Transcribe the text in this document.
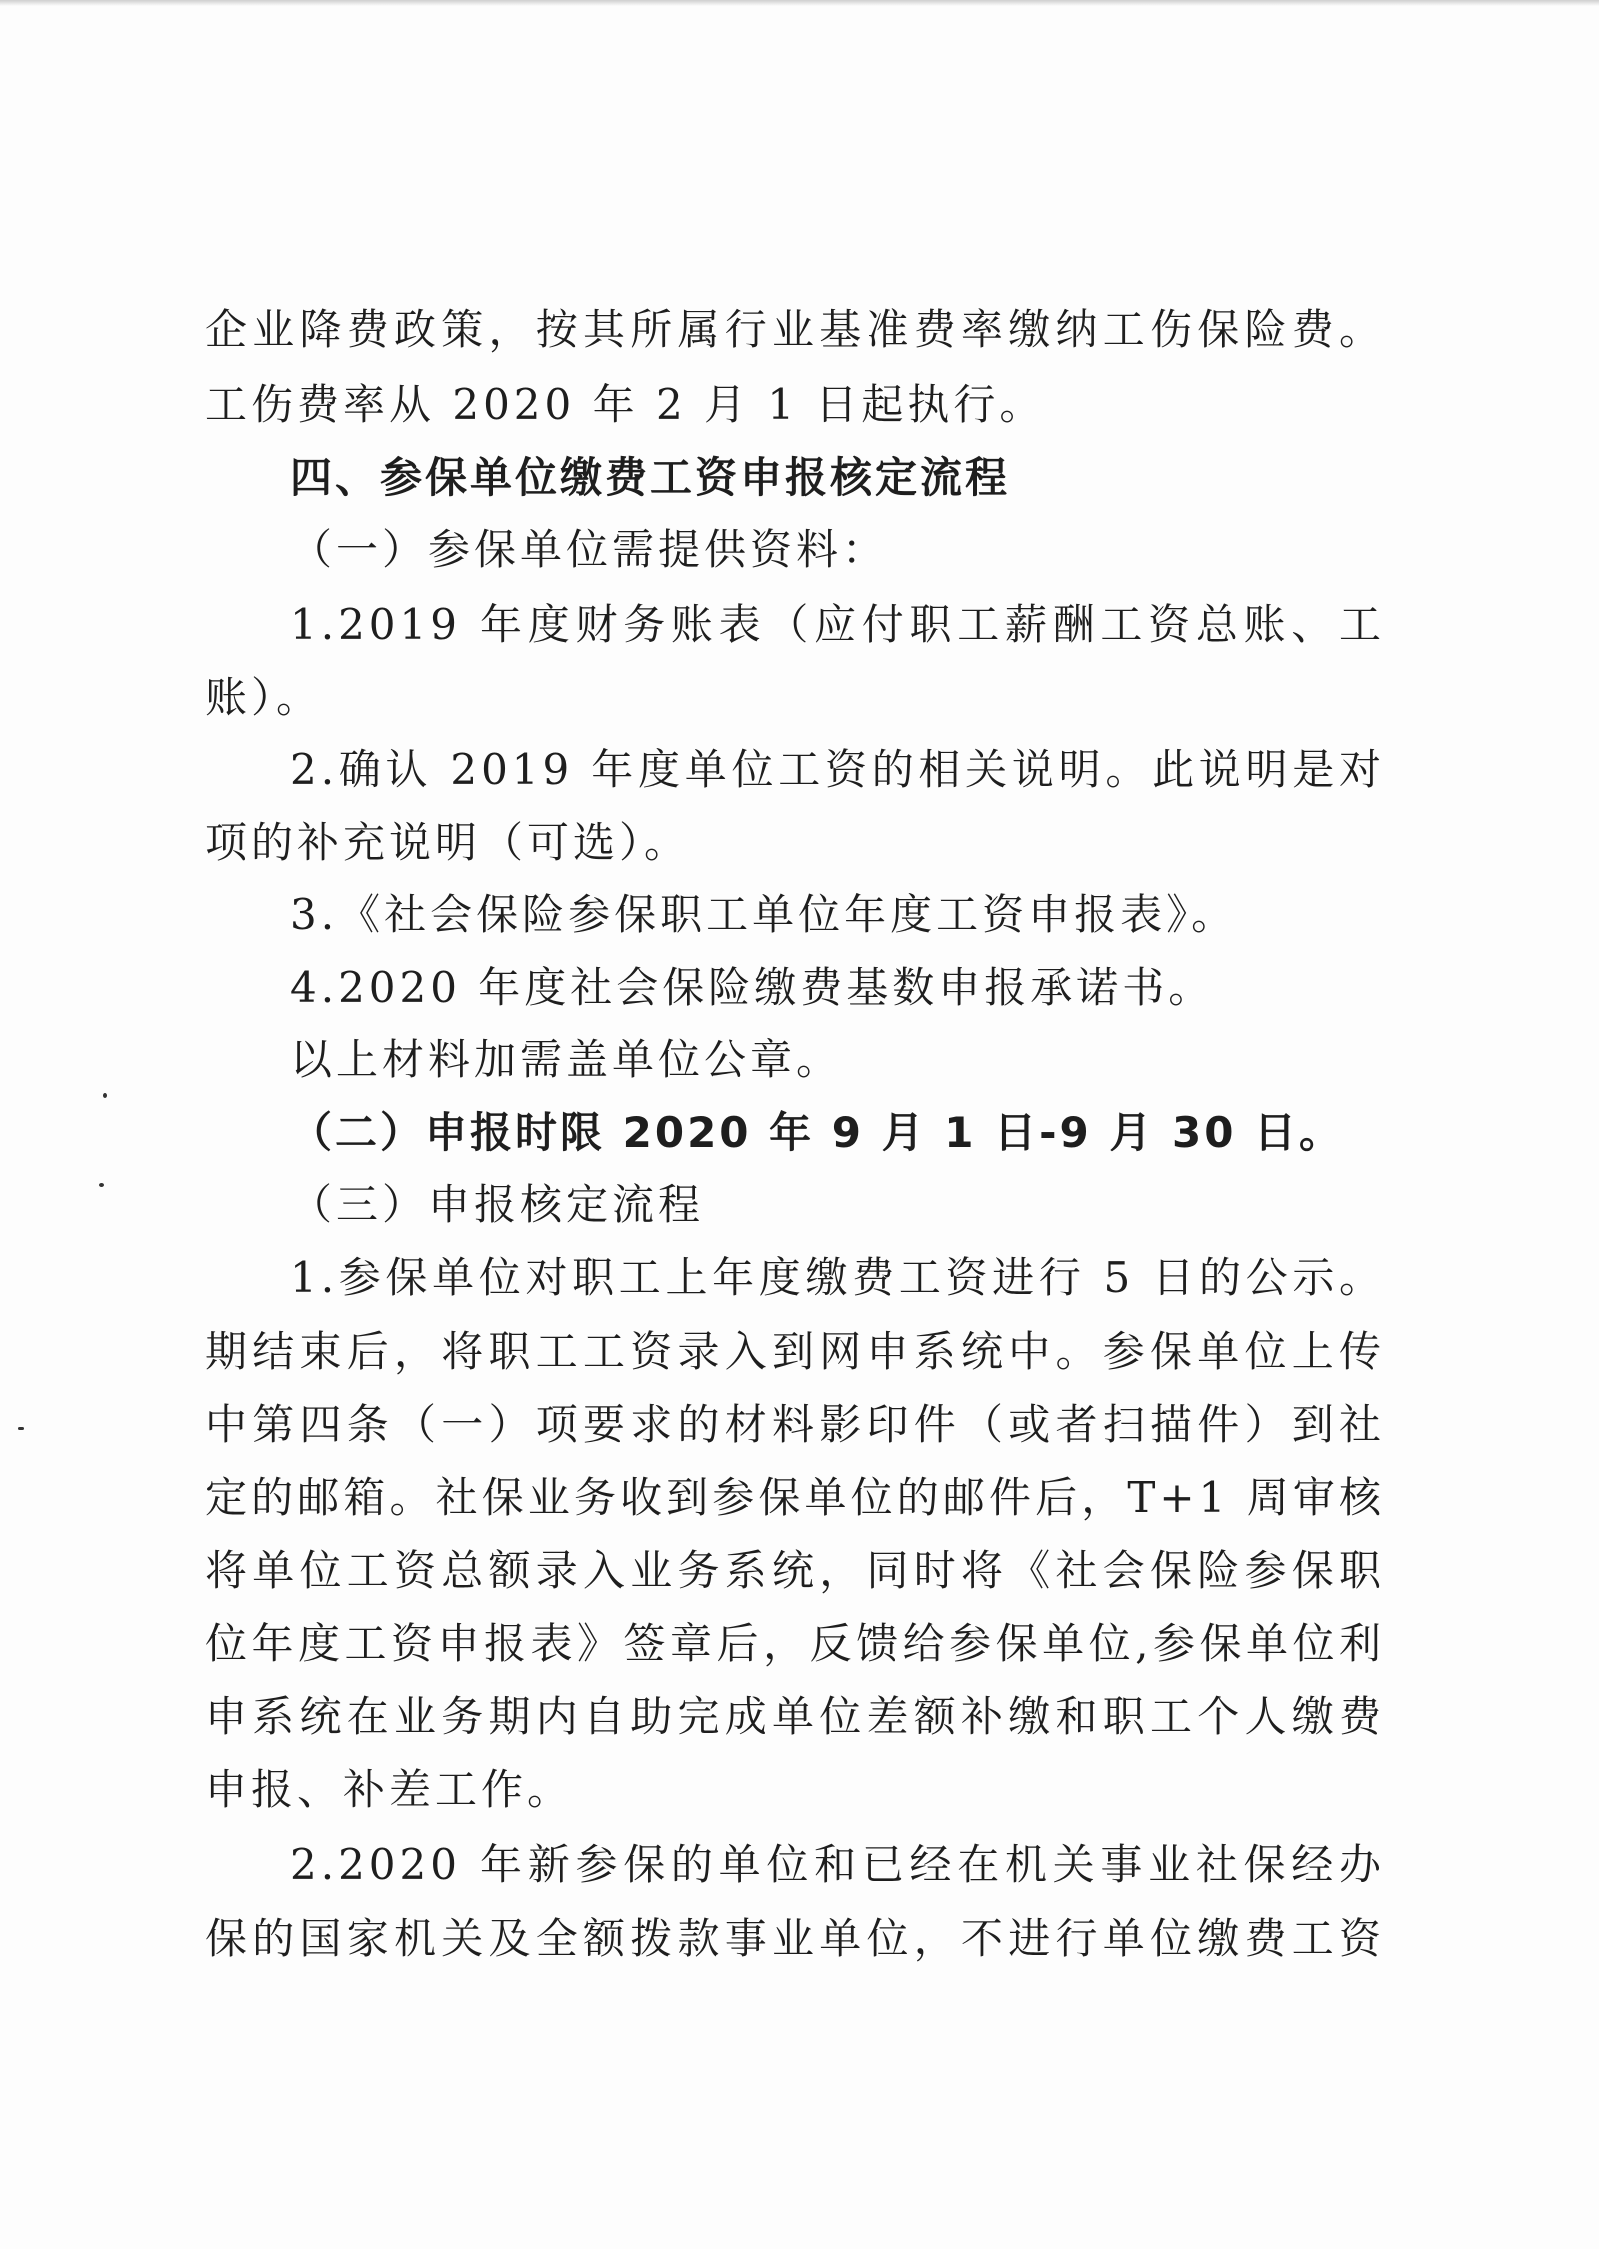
企业降费政策，按其所属行业基准费率缴纳工伤保险费。
工伤费率从 2020 年 2 月 1 日起执行。
四、参保单位缴费工资申报核定流程
（一）参保单位需提供资料：
1.2019 年度财务账表（应付职工薪酬工资总账、工
账）。
2.确认 2019 年度单位工资的相关说明。此说明是对
项的补充说明（可选）。
3.《社会保险参保职工单位年度工资申报表》。
4.2020 年度社会保险缴费基数申报承诺书。
以上材料加需盖单位公章。
（二）申报时限 2020 年 9 月 1 日-9 月 30 日。
（三）申报核定流程
1.参保单位对职工上年度缴费工资进行 5 日的公示。
期结束后，将职工工资录入到网申系统中。参保单位上传
中第四条（一）项要求的材料影印件（或者扫描件）到社
定的邮箱。社保业务收到参保单位的邮件后，T+1 周审核
将单位工资总额录入业务系统，同时将《社会保险参保职
位年度工资申报表》签章后，反馈给参保单位,参保单位利
申系统在业务期内自助完成单位差额补缴和职工个人缴费
申报、补差工作。
2.2020 年新参保的单位和已经在机关事业社保经办
保的国家机关及全额拨款事业单位，不进行单位缴费工资
